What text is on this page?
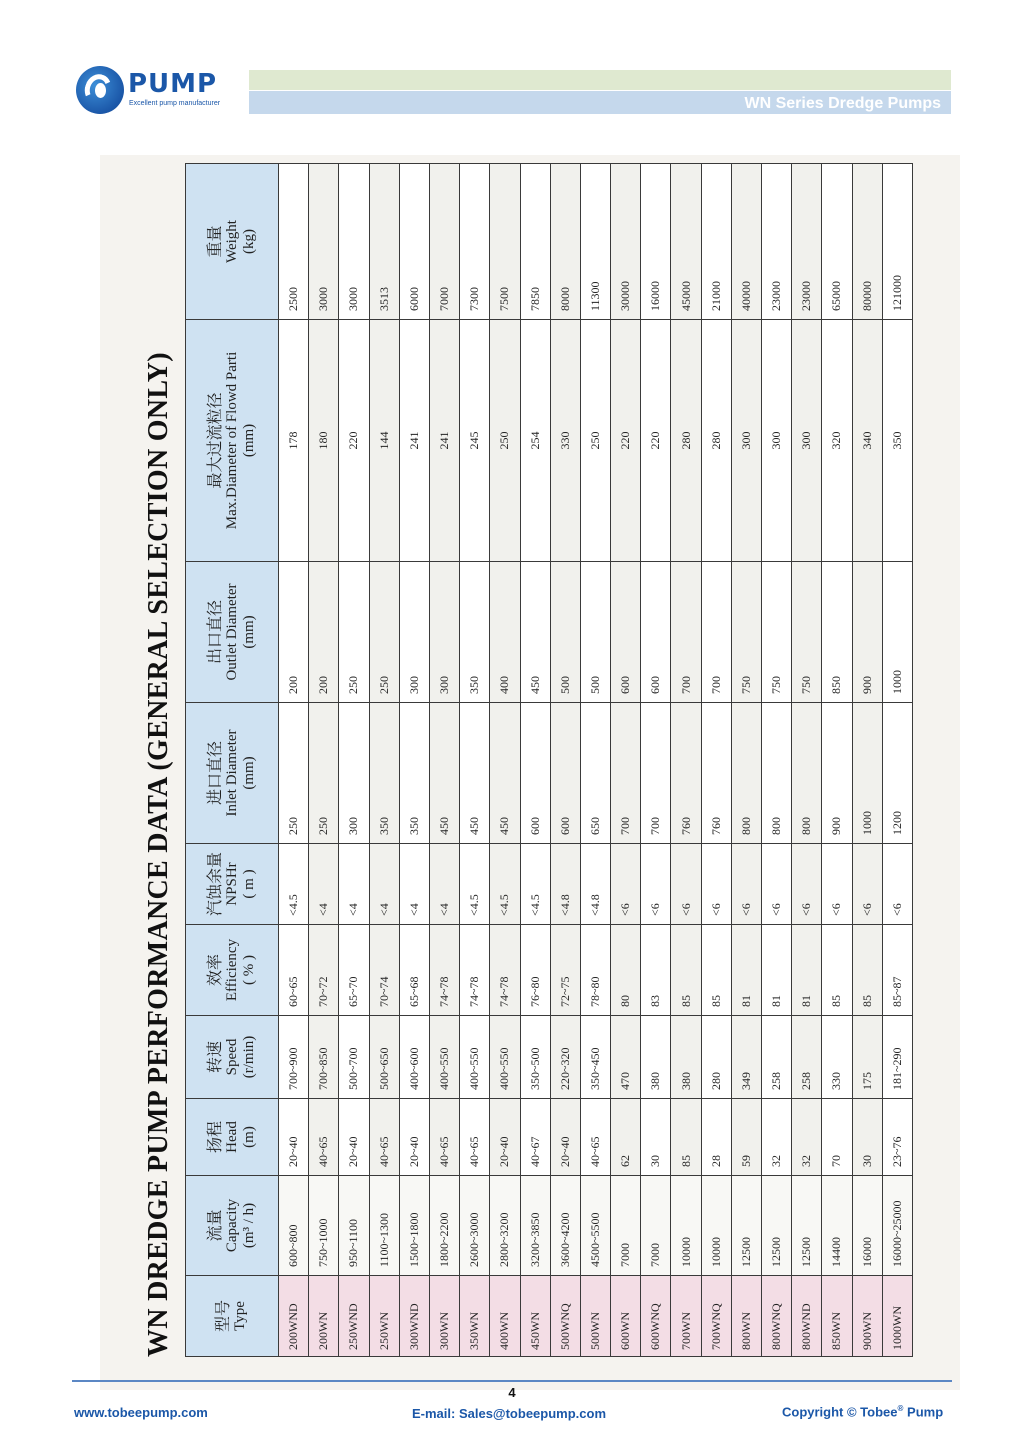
PUMP
Excellent pump manufacturer	WN Series Dredge Pumps
WN DREDGE PUMP PERFORMANCE DATA (GENERAL SELECTION ONLY)	型号 Type	流量 Capacity (m³ / h)	扬程 Head (m)	转速 Speed (r/min)	效率 Efficiency ( % )	汽蚀余量 NPSHr ( m )	进口直径 Inlet Diameter (mm)	出口直径 Outlet Diameter (mm)	最大过流粒径 Max.Diameter of Flowd Parti (mm)	重量 Weight (kg)

200WND	600~800	20~40	700~900	60~65	<4.5	250	200	178	2500
200WN	750~1000	40~65	700~850	70~72	<4	250	200	180	3000
250WND	950~1100	20~40	500~700	65~70	<4	300	250	220	3000
250WN	1100~1300	40~65	500~650	70~74	<4	350	250	144	3513
300WND	1500~1800	20~40	400~600	65~68	<4	350	300	241	6000
300WN	1800~2200	40~65	400~550	74~78	<4	450	300	241	7000
350WN	2600~3000	40~65	400~550	74~78	<4.5	450	350	245	7300
400WN	2800~3200	20~40	400~550	74~78	<4.5	450	400	250	7500
450WN	3200~3850	40~67	350~500	76~80	<4.5	600	450	254	7850
500WNQ	3600~4200	20~40	220~320	72~75	<4.8	600	500	330	8000
500WN	4500~5500	40~65	350~450	78~80	<4.8	650	500	250	11300
600WN	7000	62	470	80	<6	700	600	220	30000
600WNQ	7000	30	380	83	<6	700	600	220	16000
700WN	10000	85	380	85	<6	760	700	280	45000
700WNQ	10000	28	280	85	<6	760	700	280	21000
800WN	12500	59	349	81	<6	800	750	300	40000
800WNQ	12500	32	258	81	<6	800	750	300	23000
800WND	12500	32	258	81	<6	800	750	300	23000
850WN	14400	70	330	85	<6	900	850	320	65000
900WN	16000	30	175	85	<6	1000	900	340	80000
1000WN	16000~25000	23~76	181~290	85~87	<6	1200	1000	350	121000
4
www.tobeepump.com	E-mail: Sales@tobeepump.com	Copyright © Tobee® Pump
